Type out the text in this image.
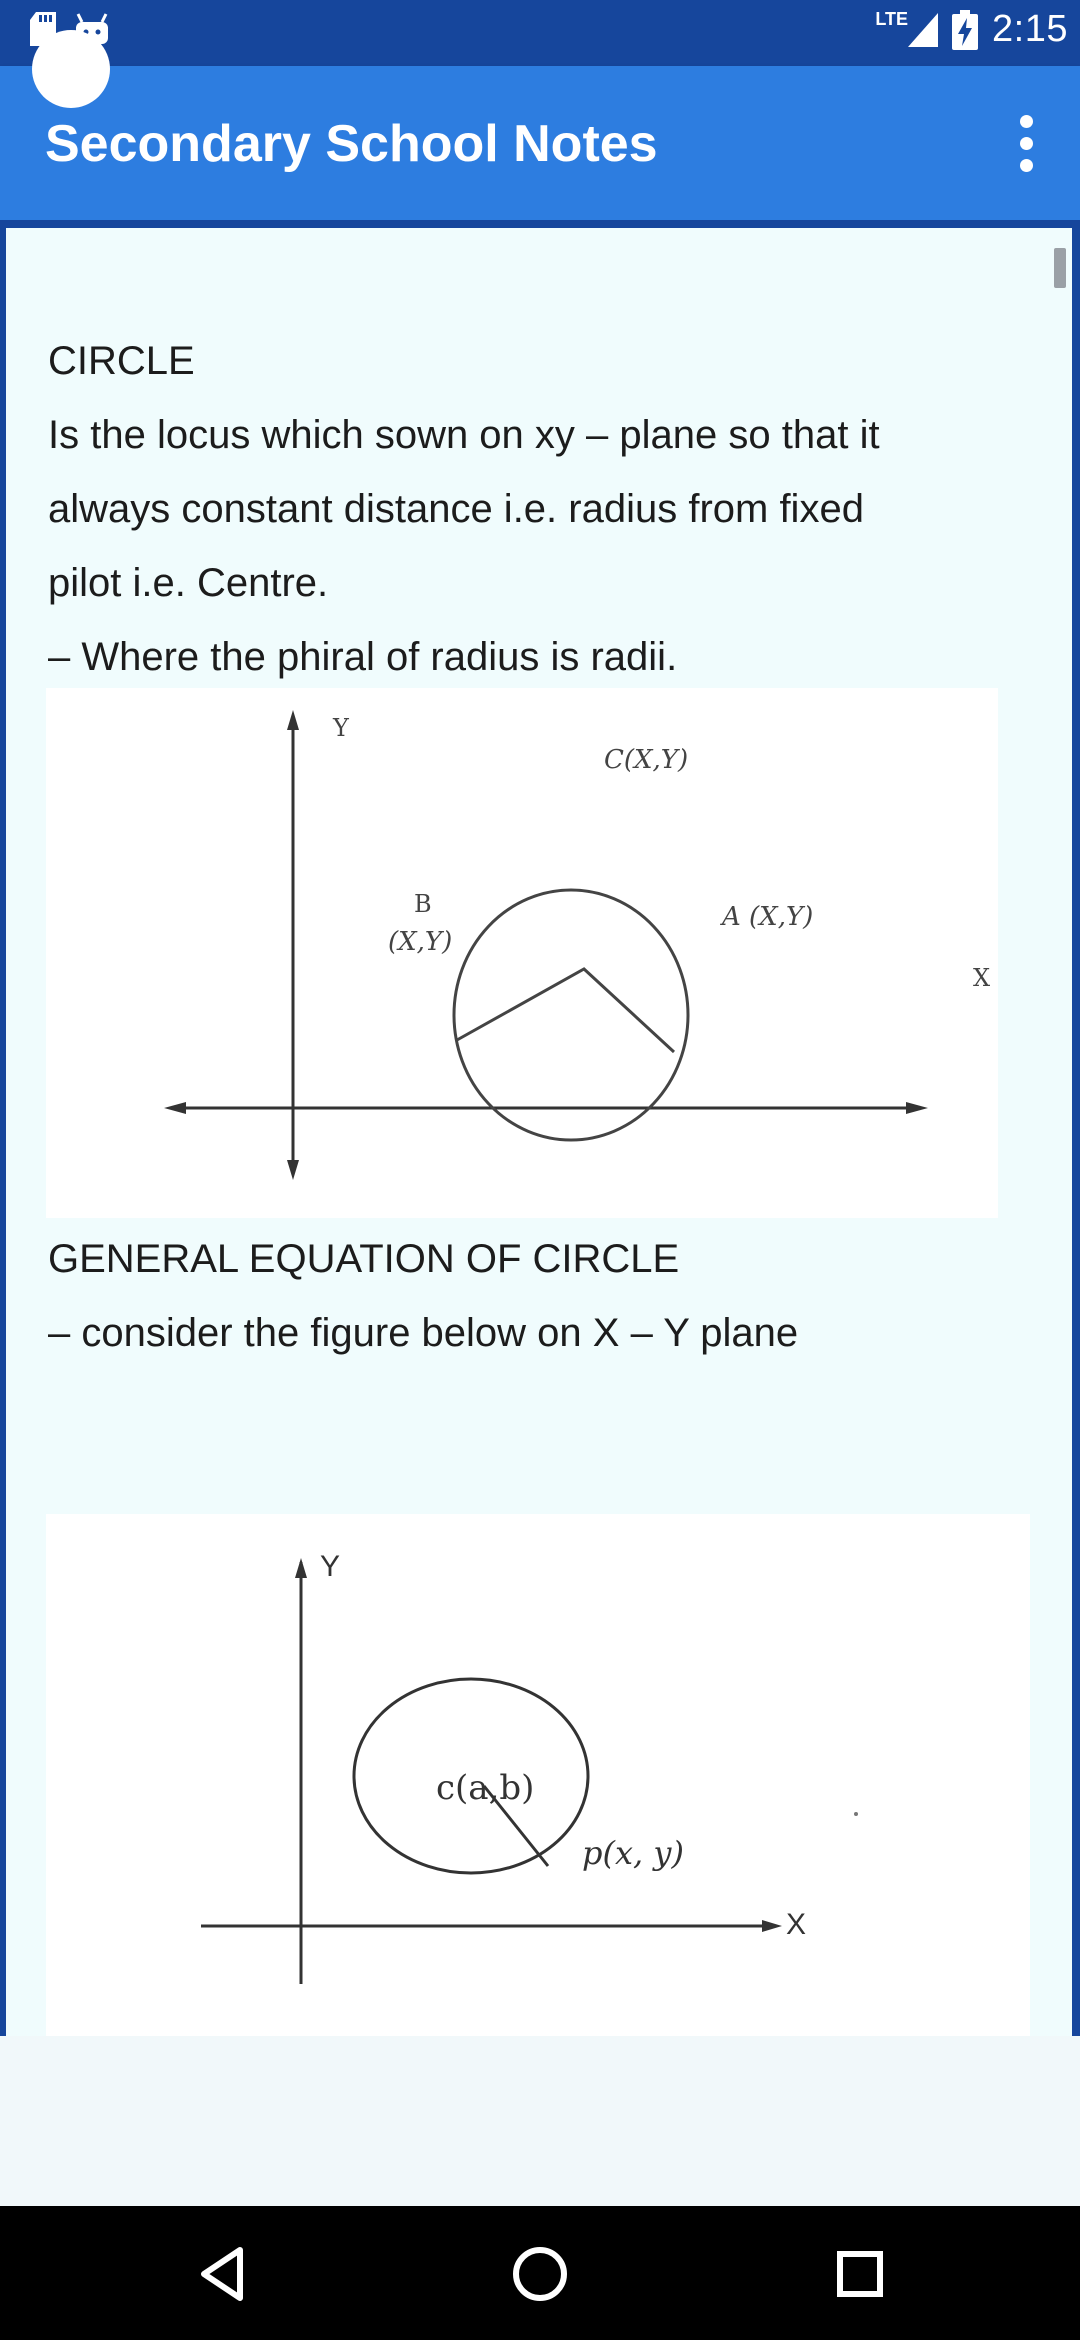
LTE 2:15
Secondary School Notes
CIRCLE
Is the locus which sown on xy – plane so that it
always constant distance i.e. radius from fixed
pilot i.e. Centre.
– Where the phiral of radius is radii.
Y
X
C(X,Y)
B
(X,Y)
A (X,Y)
GENERAL EQUATION OF CIRCLE
– consider the figure below on X – Y plane
Y
X
c(a,b)
p(x, y)
